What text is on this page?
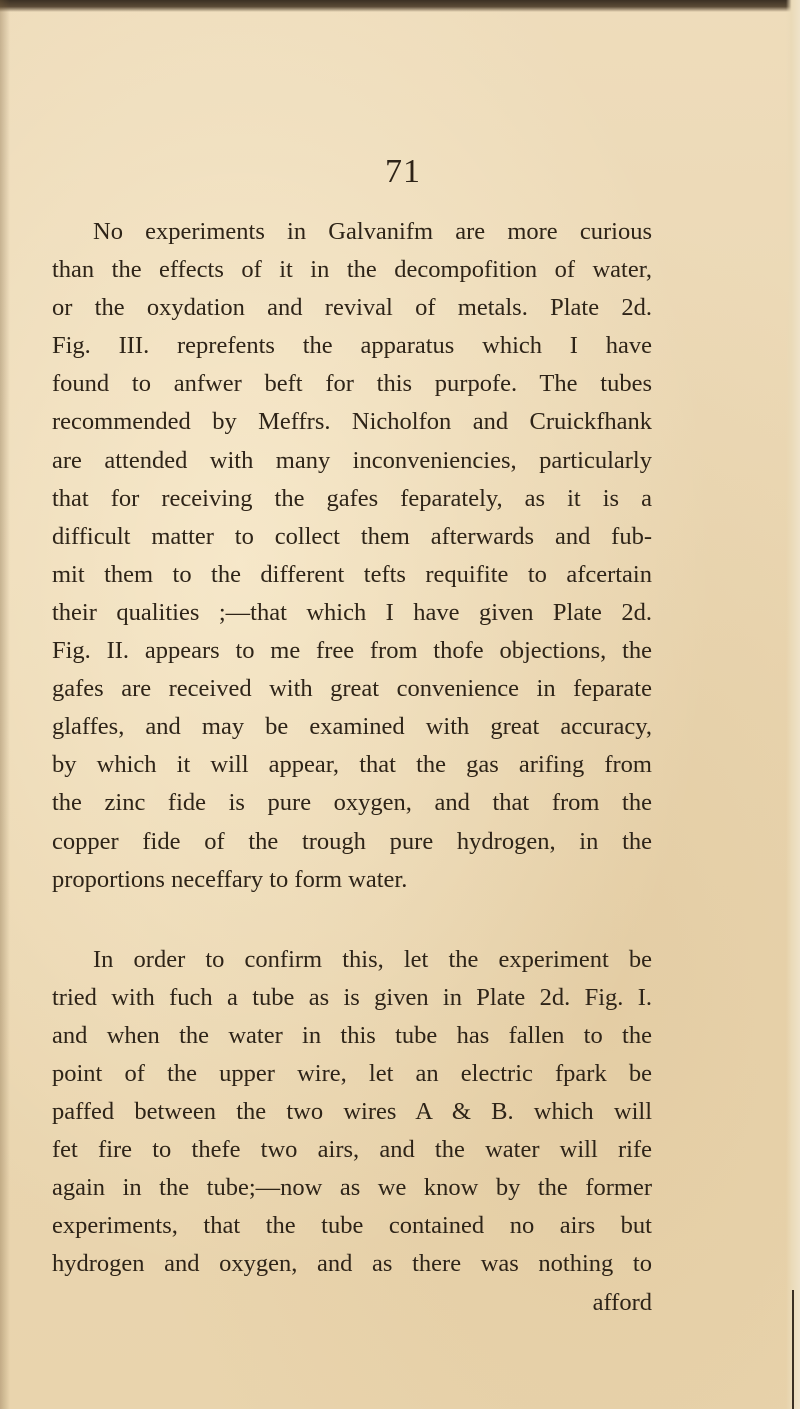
71
No experiments in Galvanifm are more curious
than the effects of it in the decompofition of water,
or the oxydation and revival of metals. Plate 2d.
Fig. III. reprefents the apparatus which I have
found to anfwer beft for this purpofe. The tubes
recommended by Meffrs. Nicholfon and Cruickfhank
are attended with many inconveniencies, particularly
that for receiving the gafes feparately, as it is a
difficult matter to collect them afterwards and fub-
mit them to the different tefts requifite to afcertain
their qualities ;—that which I have given Plate 2d.
Fig. II. appears to me free from thofe objections, the
gafes are received with great convenience in feparate
glaffes, and may be examined with great accuracy,
by which it will appear, that the gas arifing from
the zinc fide is pure oxygen, and that from the
copper fide of the trough pure hydrogen, in the
proportions neceffary to form water.
In order to confirm this, let the experiment be
tried with fuch a tube as is given in Plate 2d. Fig. I.
and when the water in this tube has fallen to the
point of the upper wire, let an electric fpark be
paffed between the two wires A & B. which will
fet fire to thefe two airs, and the water will rife
again in the tube;—now as we know by the former
experiments, that the tube contained no airs but
hydrogen and oxygen, and as there was nothing to
afford
